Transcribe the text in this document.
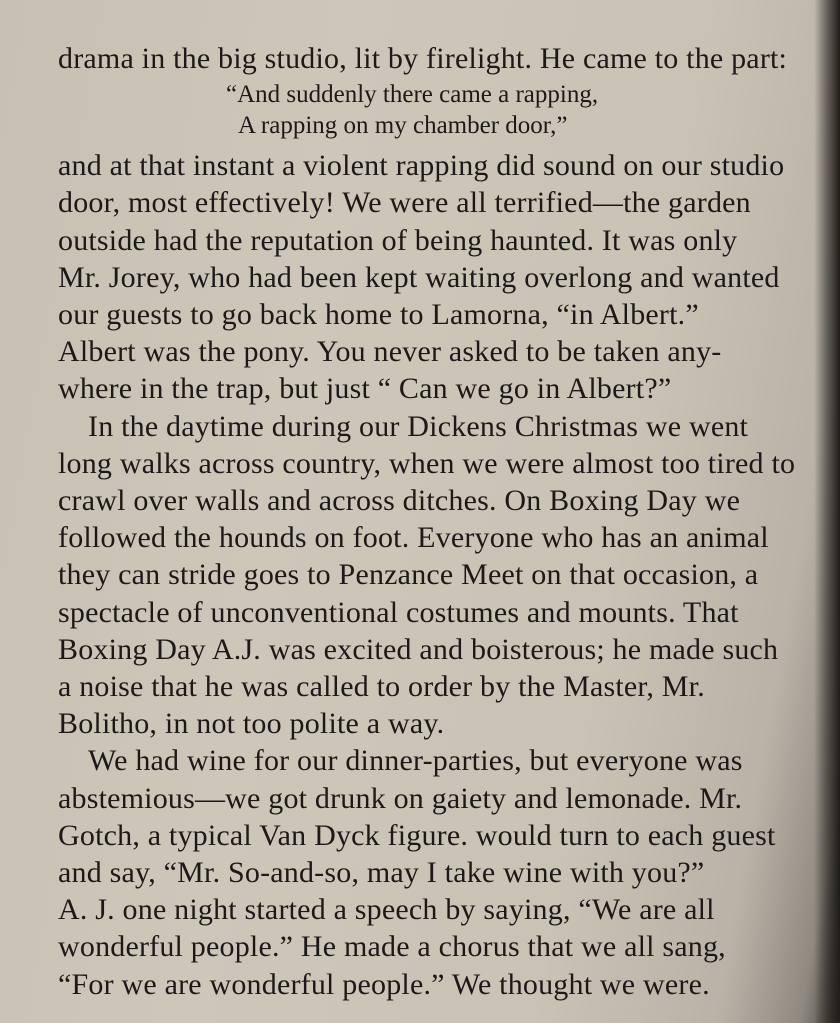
drama in the big studio, lit by firelight. He came to the part:
“And suddenly there came a rapping,
A rapping on my chamber door,”
and at that instant a violent rapping did sound on our studio
door, most effectively! We were all terrified—the garden
outside had the reputation of being haunted. It was only
Mr. Jorey, who had been kept waiting overlong and wanted
our guests to go back home to Lamorna, “in Albert.”
Albert was the pony. You never asked to be taken any-
where in the trap, but just “ Can we go in Albert?”
In the daytime during our Dickens Christmas we went
long walks across country, when we were almost too tired to
crawl over walls and across ditches. On Boxing Day we
followed the hounds on foot. Everyone who has an animal
they can stride goes to Penzance Meet on that occasion, a
spectacle of unconventional costumes and mounts. That
Boxing Day A.J. was excited and boisterous; he made such
a noise that he was called to order by the Master, Mr.
Bolitho, in not too polite a way.
We had wine for our dinner-parties, but everyone was
abstemious—we got drunk on gaiety and lemonade. Mr.
Gotch, a typical Van Dyck figure. would turn to each guest
and say, “Mr. So-and-so, may I take wine with you?”
A. J. one night started a speech by saying, “We are all
wonderful people.” He made a chorus that we all sang,
“For we are wonderful people.” We thought we were.
